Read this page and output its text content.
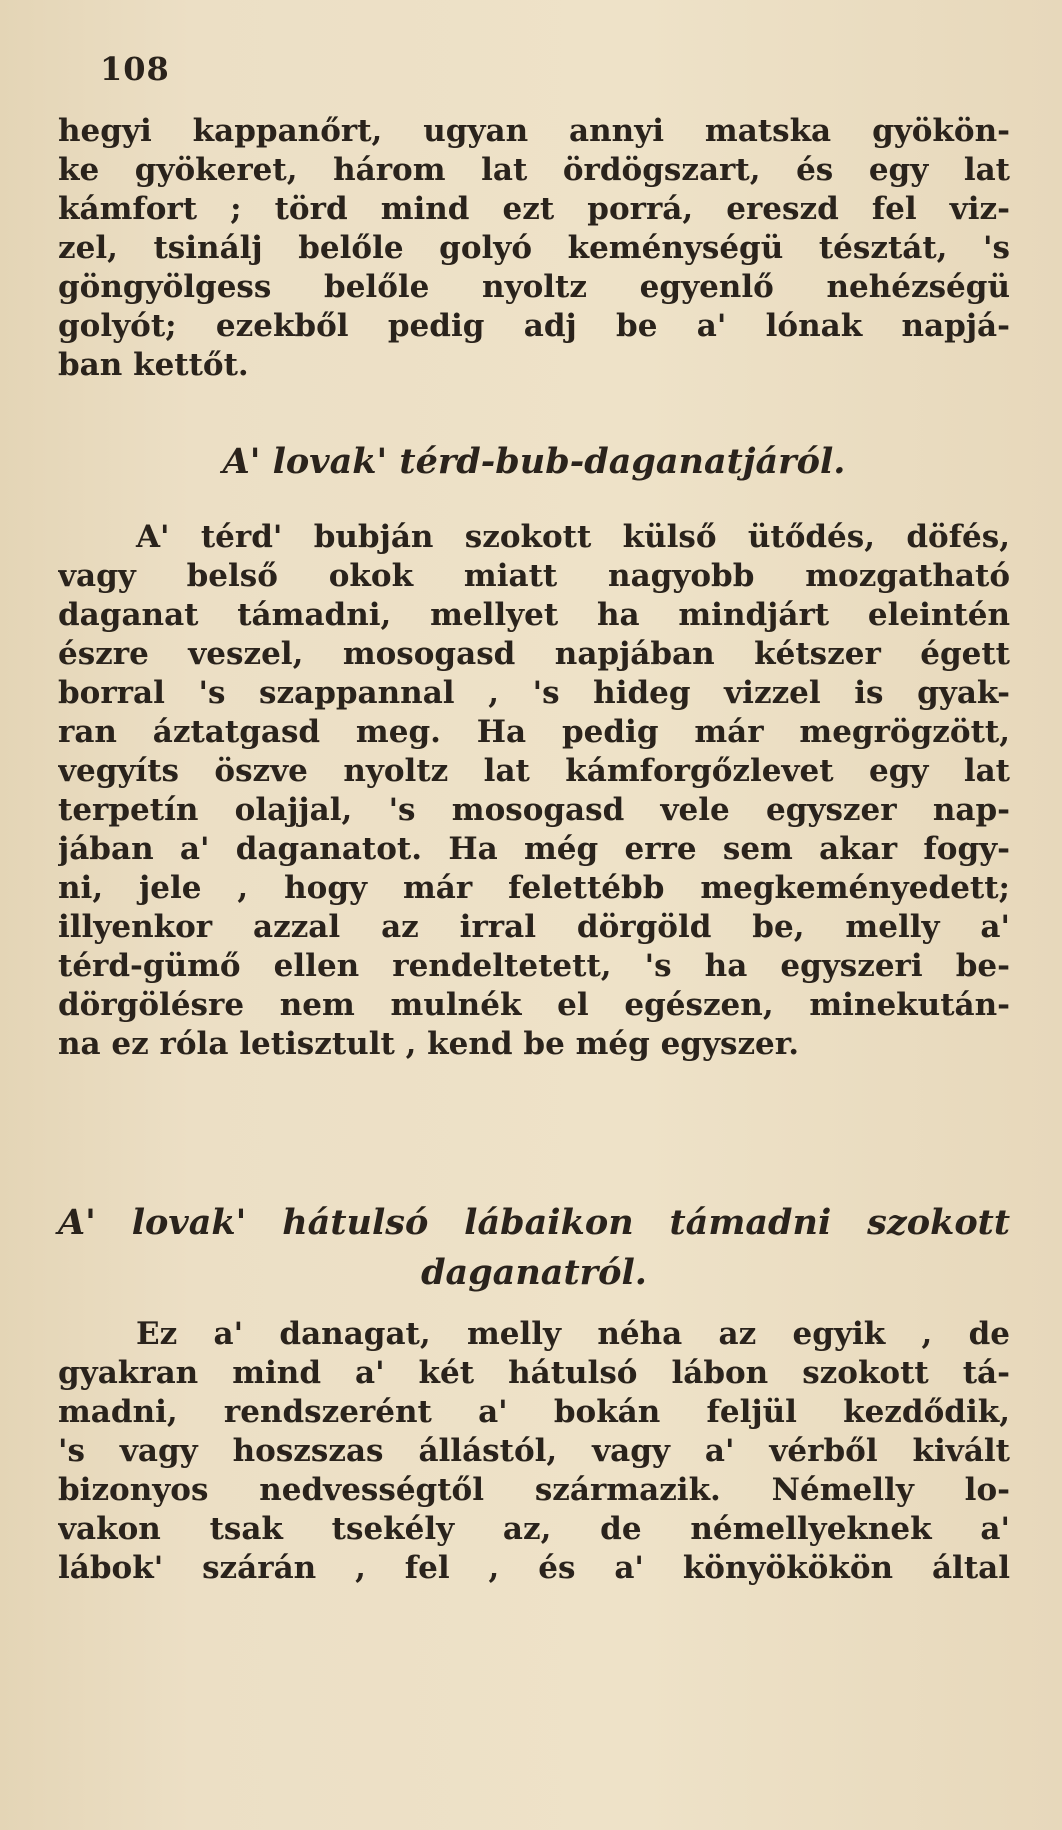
108
hegyi kappanőrt, ugyan annyi matska gyökön-
ke gyökeret, három lat ördögszart, és egy lat
kámfort ; törd mind ezt porrá, ereszd fel viz-
zel, tsinálj belőle golyó keménységü tésztát, 's
göngyölgess belőle nyoltz egyenlő nehézségü
golyót; ezekből pedig adj be a' lónak napjá-
ban kettőt.
A' lovak' térd-bub-daganatjáról.
A' térd' bubján szokott külső ütődés, döfés,
vagy belső okok miatt nagyobb mozgatható
daganat támadni, mellyet ha mindjárt eleintén
észre veszel, mosogasd napjában kétszer égett
borral 's szappannal , 's hideg vizzel is gyak-
ran áztatgasd meg. Ha pedig már megrögzött,
vegyíts öszve nyoltz lat kámforgőzlevet egy lat
terpetín olajjal, 's mosogasd vele egyszer nap-
jában a' daganatot. Ha még erre sem akar fogy-
ni, jele , hogy már felettébb megkeményedett;
illyenkor azzal az irral dörgöld be, melly a'
térd-gümő ellen rendeltetett, 's ha egyszeri be-
dörgölésre nem mulnék el egészen, minekután-
na ez róla letisztult , kend be még egyszer.
A' lovak' hátulsó lábaikon támadni szokott
daganatról.
Ez a' danagat, melly néha az egyik , de
gyakran mind a' két hátulsó lábon szokott tá-
madni, rendszerént a' bokán feljül kezdődik,
's vagy hoszszas állástól, vagy a' vérből kivált
bizonyos nedvességtől származik. Némelly lo-
vakon tsak tsekély az, de némellyeknek a'
lábok' szárán , fel , és a' könyökökön által
